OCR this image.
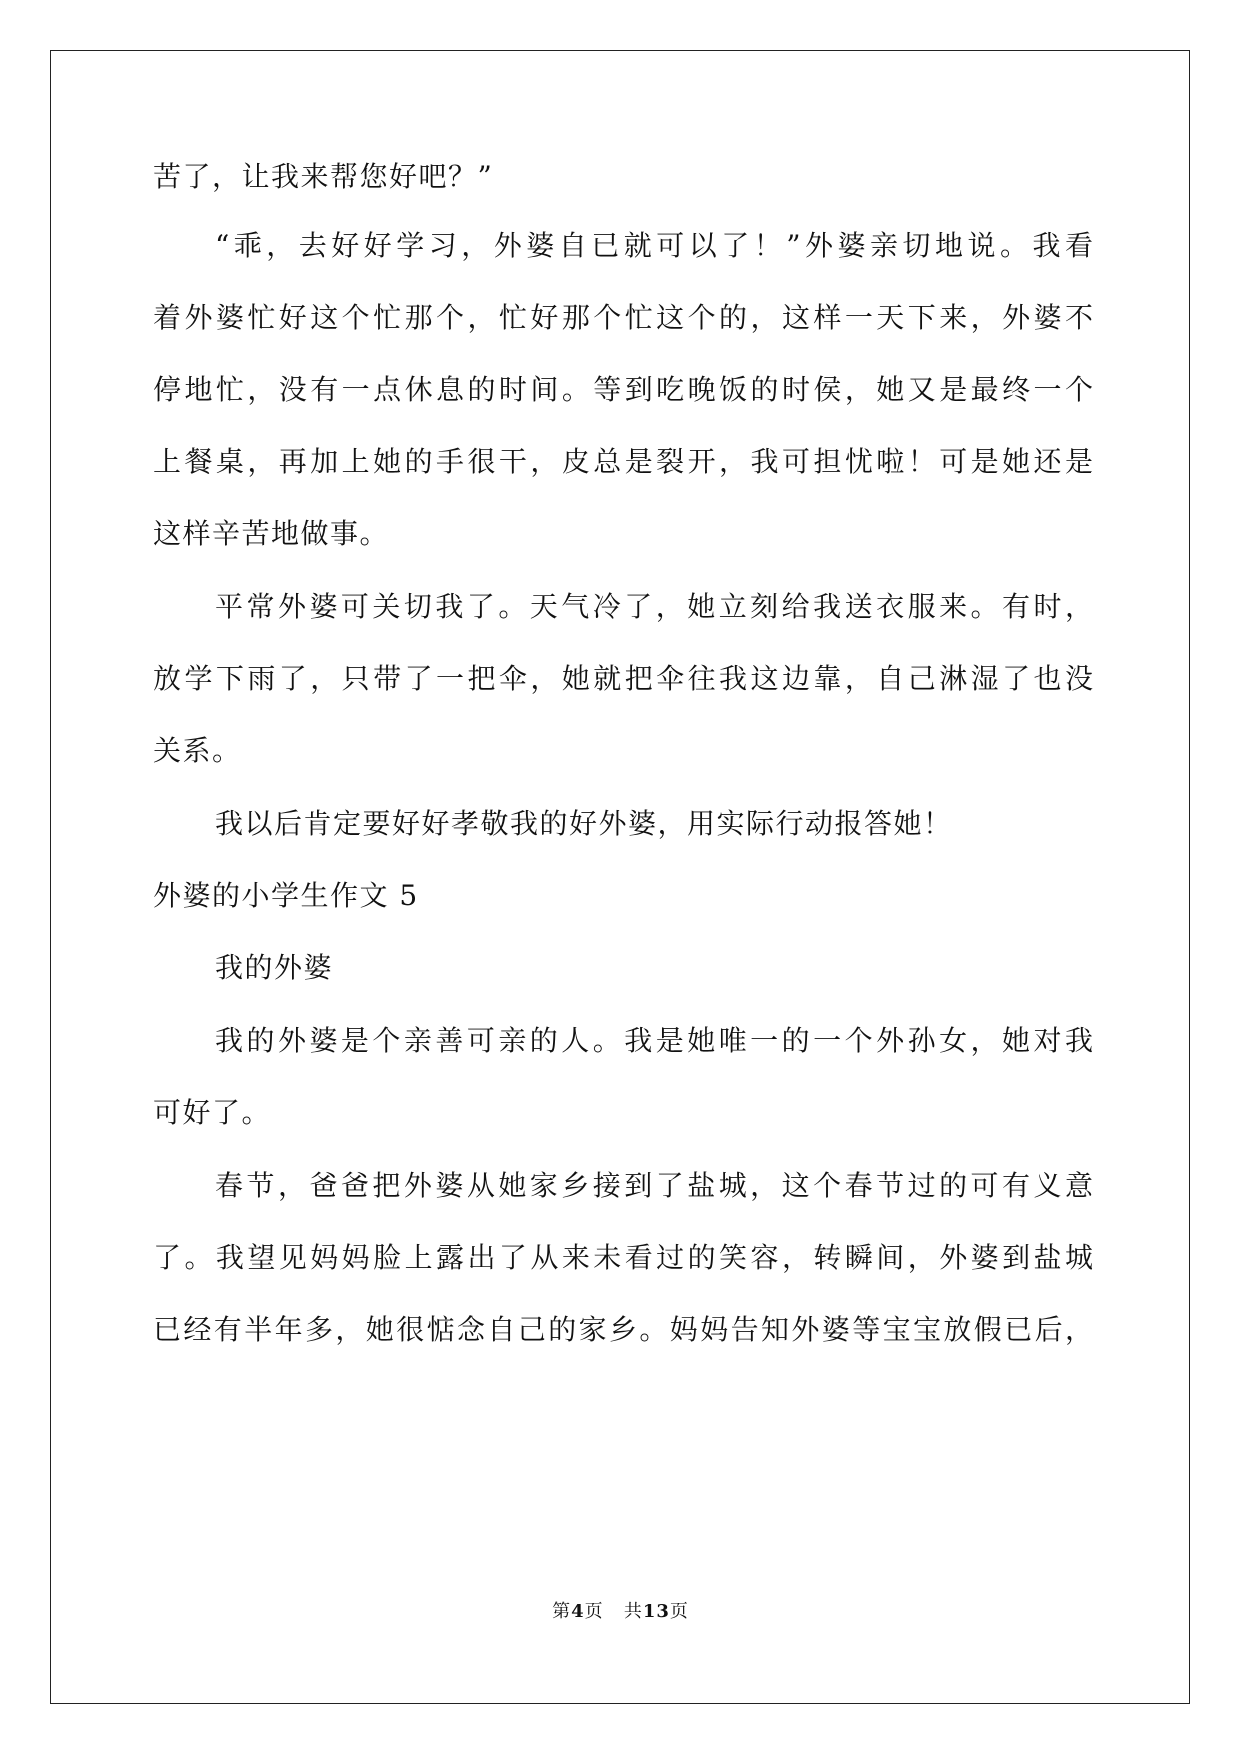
苦了，让我来帮您好吧？”
“乖，去好好学习，外婆自已就可以了！”外婆亲切地说。我看
着外婆忙好这个忙那个，忙好那个忙这个的，这样一天下来，外婆不
停地忙，没有一点休息的时间。等到吃晚饭的时侯，她又是最终一个
上餐桌，再加上她的手很干，皮总是裂开，我可担忧啦！可是她还是
这样辛苦地做事。
平常外婆可关切我了。天气冷了，她立刻给我送衣服来。有时，
放学下雨了，只带了一把伞，她就把伞往我这边靠，自己淋湿了也没
关系。
我以后肯定要好好孝敬我的好外婆，用实际行动报答她！
外婆的小学生作文 5
我的外婆
我的外婆是个亲善可亲的人。我是她唯一的一个外孙女，她对我
可好了。
春节，爸爸把外婆从她家乡接到了盐城，这个春节过的可有义意
了。我望见妈妈脸上露出了从来未看过的笑容，转瞬间，外婆到盐城
已经有半年多，她很惦念自己的家乡。妈妈告知外婆等宝宝放假已后，
第4页 共13页
